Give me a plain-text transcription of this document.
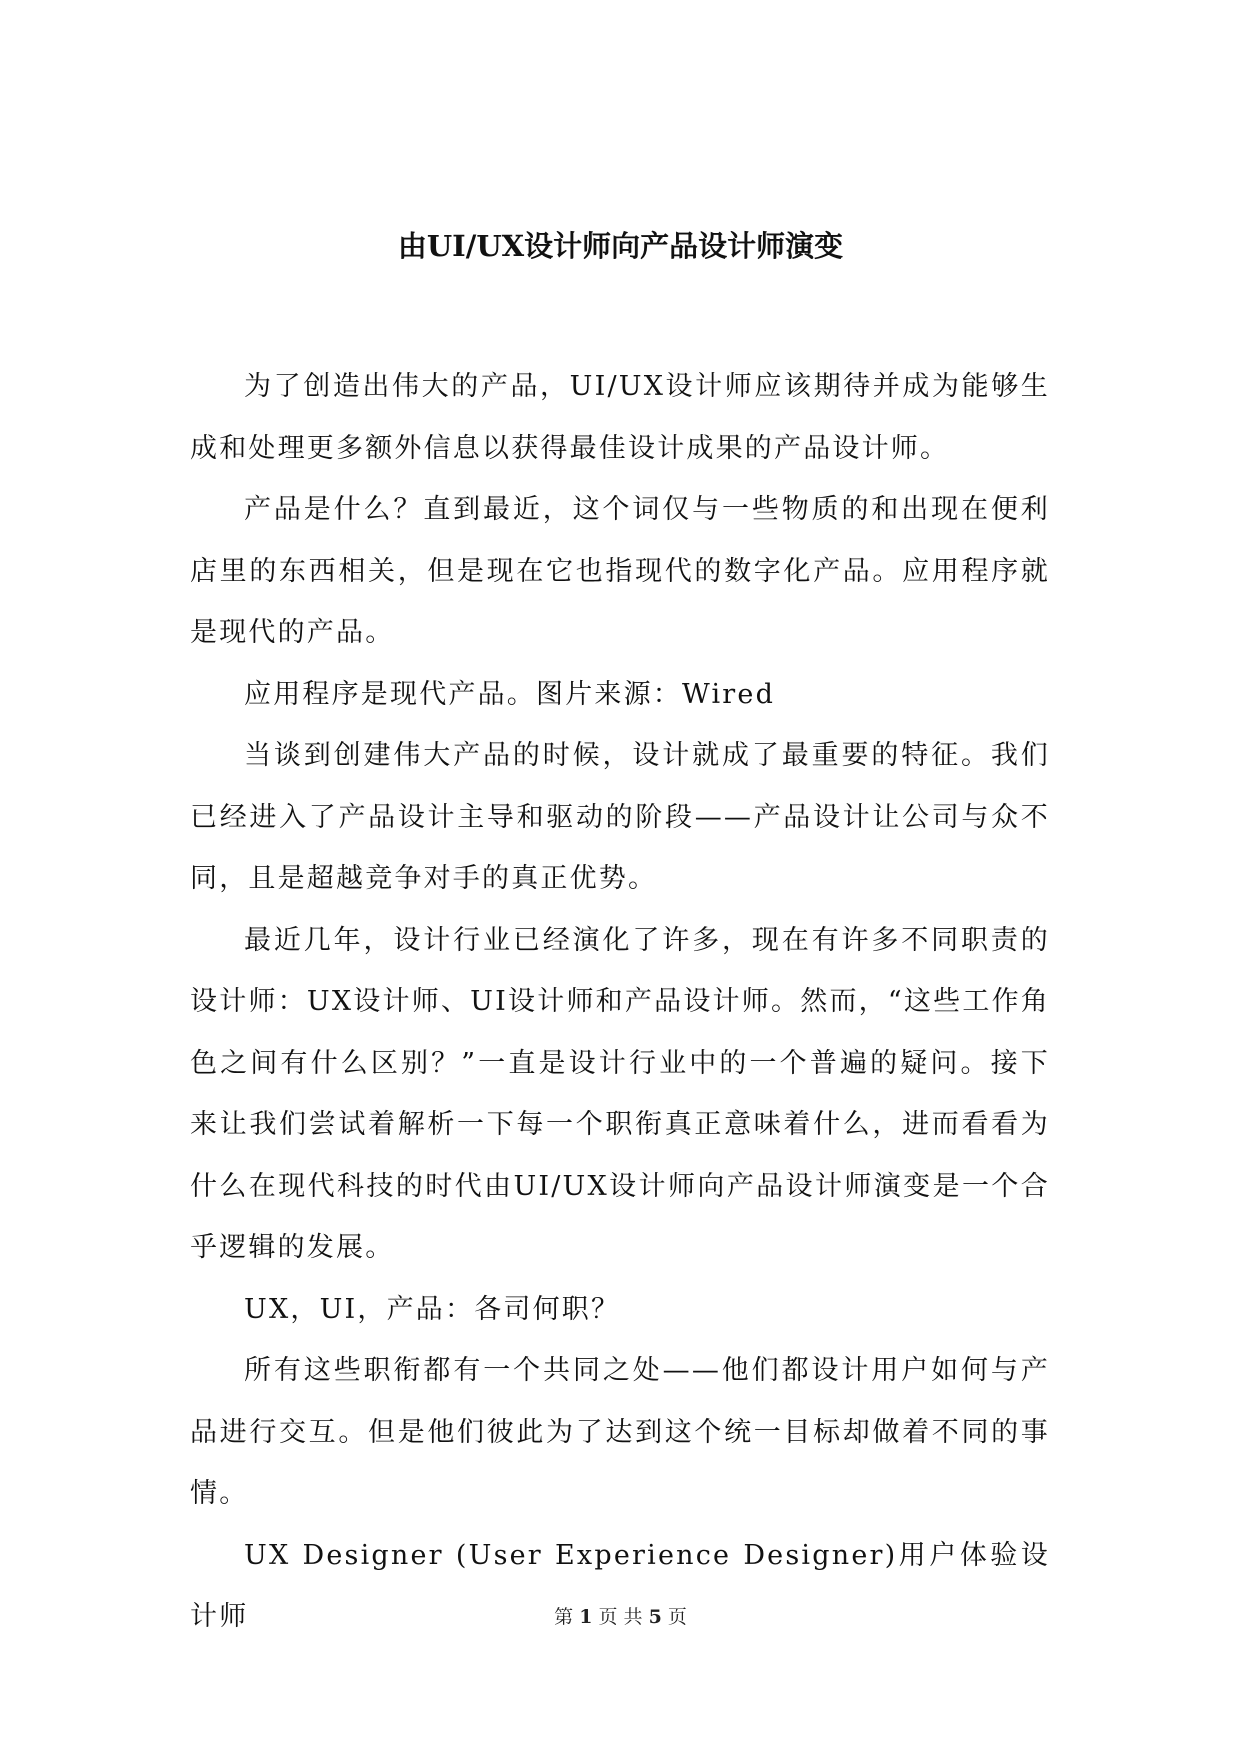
由UI/UX设计师向产品设计师演变

为了创造出伟大的产品，UI/UX设计师应该期待并成为能够生成和处理更多额外信息以获得最佳设计成果的产品设计师。

产品是什么？直到最近，这个词仅与一些物质的和出现在便利店里的东西相关，但是现在它也指现代的数字化产品。应用程序就是现代的产品。

应用程序是现代产品。图片来源：Wired

当谈到创建伟大产品的时候，设计就成了最重要的特征。我们已经进入了产品设计主导和驱动的阶段——产品设计让公司与众不同，且是超越竞争对手的真正优势。

最近几年，设计行业已经演化了许多，现在有许多不同职责的设计师：UX设计师、UI设计师和产品设计师。然而，“这些工作角色之间有什么区别？”一直是设计行业中的一个普遍的疑问。接下来让我们尝试着解析一下每一个职衔真正意味着什么，进而看看为什么在现代科技的时代由UI/UX设计师向产品设计师演变是一个合乎逻辑的发展。

UX，UI，产品：各司何职？

所有这些职衔都有一个共同之处——他们都设计用户如何与产品进行交互。但是他们彼此为了达到这个统一目标却做着不同的事情。

UX Designer (User Experience Designer)用户体验设计师	第 1 页 共 5 页
